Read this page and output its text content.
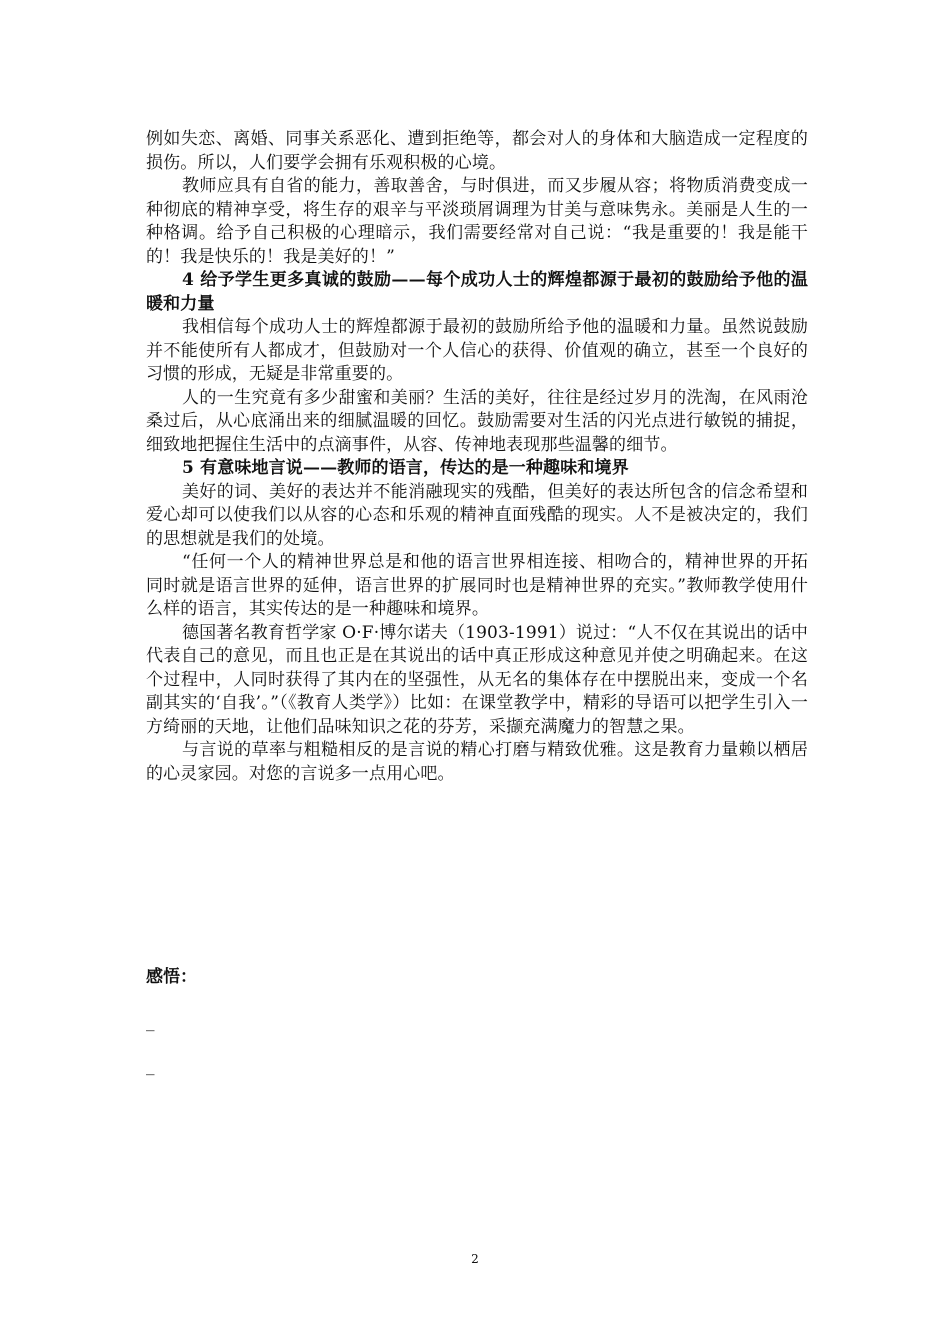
例如失恋、离婚、同事关系恶化、遭到拒绝等，都会对人的身体和大脑造成一定程度的损伤。所以，人们要学会拥有乐观积极的心境。

教师应具有自省的能力，善取善舍，与时俱进，而又步履从容；将物质消费变成一种彻底的精神享受，将生存的艰辛与平淡琐屑调理为甘美与意味隽永。美丽是人生的一种格调。给予自己积极的心理暗示，我们需要经常对自己说：“我是重要的！我是能干的！我是快乐的！我是美好的！”

4 给予学生更多真诚的鼓励——每个成功人士的辉煌都源于最初的鼓励给予他的温暖和力量

我相信每个成功人士的辉煌都源于最初的鼓励所给予他的温暖和力量。虽然说鼓励并不能使所有人都成才，但鼓励对一个人信心的获得、价值观的确立，甚至一个良好的习惯的形成，无疑是非常重要的。

人的一生究竟有多少甜蜜和美丽？生活的美好，往往是经过岁月的洗淘，在风雨沧桑过后，从心底涌出来的细腻温暖的回忆。鼓励需要对生活的闪光点进行敏锐的捕捉，细致地把握住生活中的点滴事件，从容、传神地表现那些温馨的细节。

5 有意味地言说——教师的语言，传达的是一种趣味和境界

美好的词、美好的表达并不能消融现实的残酷，但美好的表达所包含的信念希望和爱心却可以使我们以从容的心态和乐观的精神直面残酷的现实。人不是被决定的，我们的思想就是我们的处境。

“任何一个人的精神世界总是和他的语言世界相连接、相吻合的，精神世界的开拓同时就是语言世界的延伸，语言世界的扩展同时也是精神世界的充实。”教师教学使用什么样的语言，其实传达的是一种趣味和境界。

德国著名教育哲学家 O·F·博尔诺夫（1903-1991）说过：“人不仅在其说出的话中代表自己的意见，而且也正是在其说出的话中真正形成这种意见并使之明确起来。在这个过程中，人同时获得了其内在的坚强性，从无名的集体存在中摆脱出来，变成一个名副其实的‘自我’。”（《教育人类学》）比如：在课堂教学中，精彩的导语可以把学生引入一方绮丽的天地，让他们品味知识之花的芬芳，采撷充满魔力的智慧之果。

与言说的草率与粗糙相反的是言说的精心打磨与精致优雅。这是教育力量赖以栖居的心灵家园。对您的言说多一点用心吧。

感悟：
_
_
2
